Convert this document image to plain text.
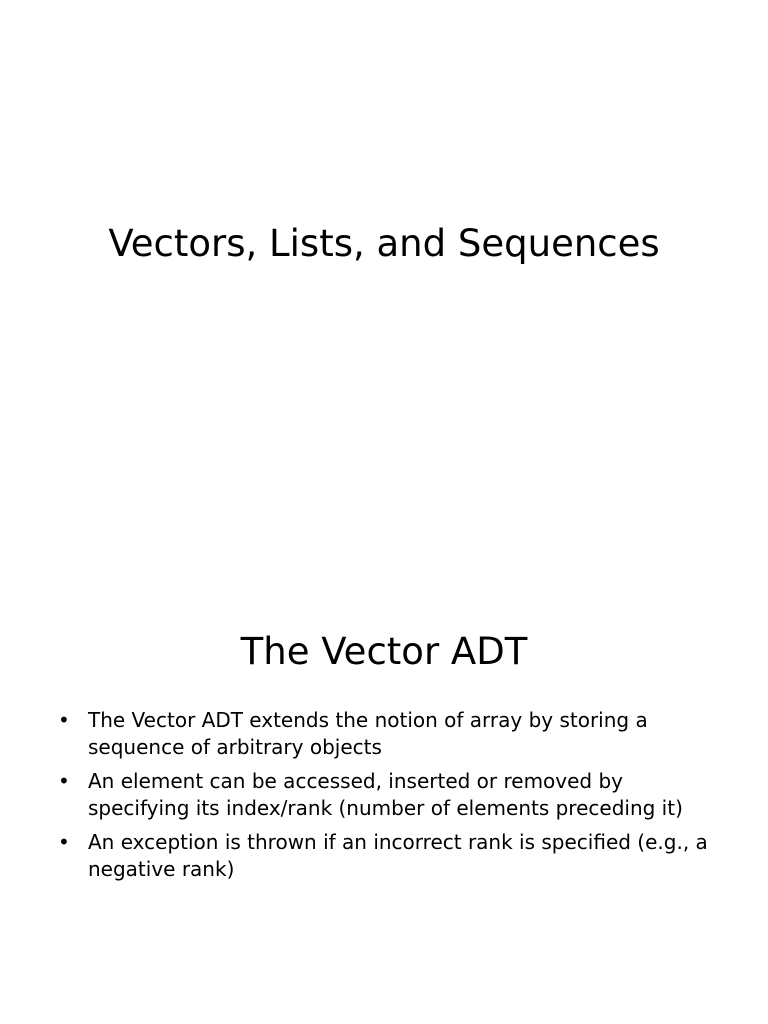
Vectors, Lists, and Sequences
The Vector ADT
• The Vector ADT extends the notion of array by storing a sequence of arbitrary objects
• An element can be accessed, inserted or removed by specifying its index/rank (number of elements preceding it)
• An exception is thrown if an incorrect rank is specified (e.g., a negative rank)
